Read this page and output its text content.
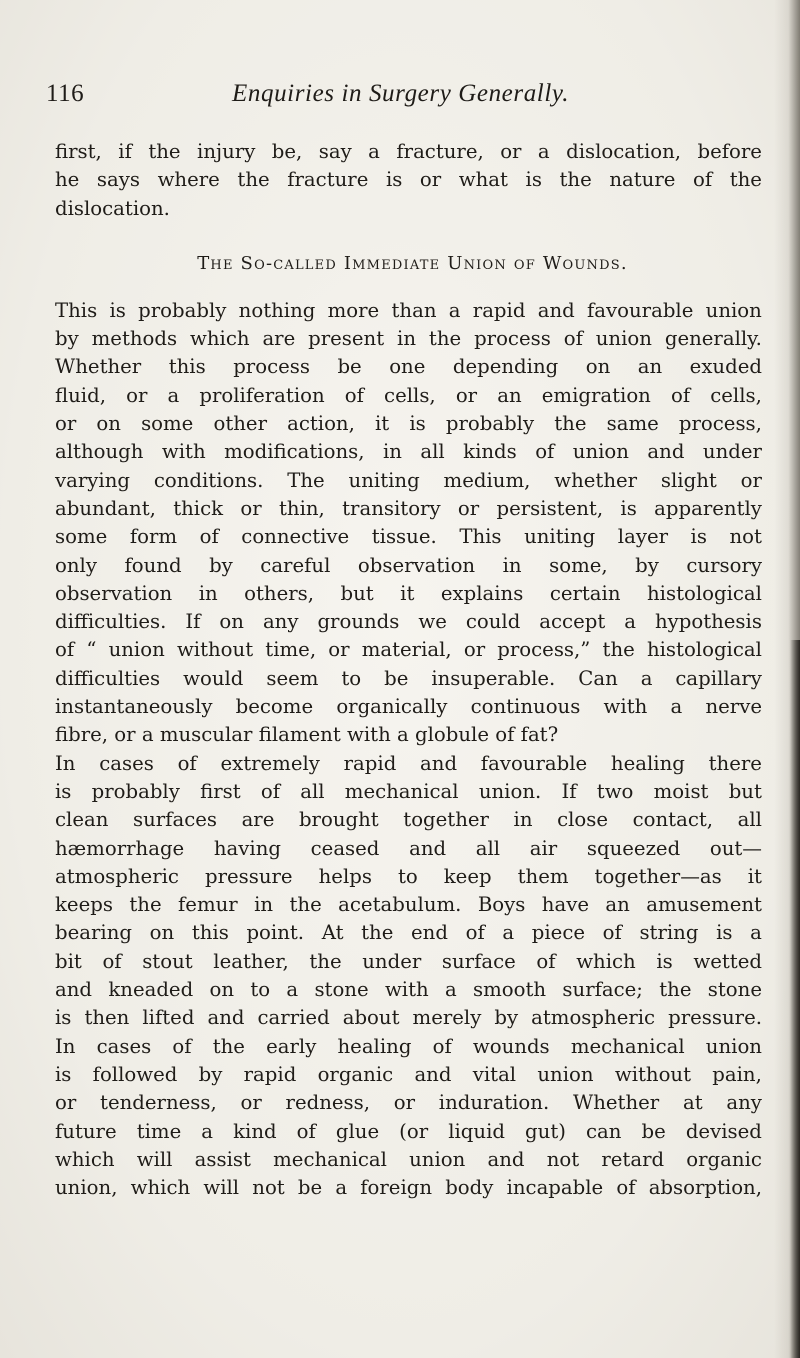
116	Enquiries in Surgery Generally.
first, if the injury be, say a fracture, or a dislocation, before
he says where the fracture is or what is the nature of the
dislocation.
The So-called Immediate Union of Wounds.
This is probably nothing more than a rapid and favourable union
by methods which are present in the process of union generally.
Whether this process be one depending on an exuded
fluid, or a proliferation of cells, or an emigration of cells,
or on some other action, it is probably the same process,
although with modifications, in all kinds of union and under
varying conditions. The uniting medium, whether slight or
abundant, thick or thin, transitory or persistent, is apparently
some form of connective tissue. This uniting layer is not
only found by careful observation in some, by cursory
observation in others, but it explains certain histological
difficulties. If on any grounds we could accept a hypothesis
of “ union without time, or material, or process,” the histological
difficulties would seem to be insuperable. Can a capillary
instantaneously become organically continuous with a nerve
fibre, or a muscular filament with a globule of fat?
In cases of extremely rapid and favourable healing there
is probably first of all mechanical union. If two moist but
clean surfaces are brought together in close contact, all
hæmorrhage having ceased and all air squeezed out—
atmospheric pressure helps to keep them together—as it
keeps the femur in the acetabulum. Boys have an amusement
bearing on this point. At the end of a piece of string is a
bit of stout leather, the under surface of which is wetted
and kneaded on to a stone with a smooth surface; the stone
is then lifted and carried about merely by atmospheric pressure.
In cases of the early healing of wounds mechanical union
is followed by rapid organic and vital union without pain,
or tenderness, or redness, or induration. Whether at any
future time a kind of glue (or liquid gut) can be devised
which will assist mechanical union and not retard organic
union, which will not be a foreign body incapable of absorption,
